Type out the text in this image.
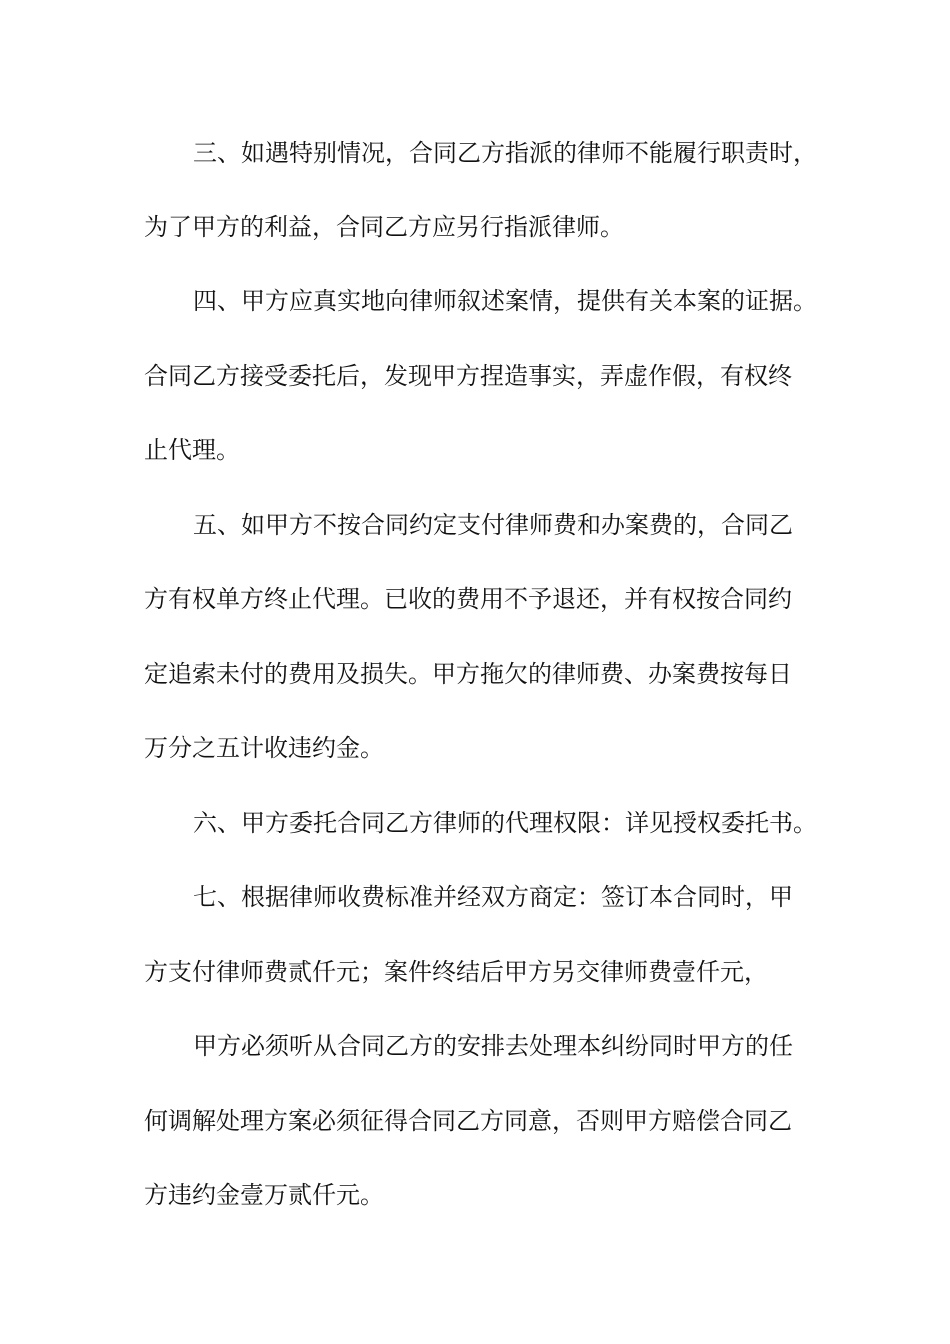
三、如遇特别情况，合同乙方指派的律师不能履行职责时，
为了甲方的利益，合同乙方应另行指派律师。
四、甲方应真实地向律师叙述案情，提供有关本案的证据。
合同乙方接受委托后，发现甲方捏造事实，弄虚作假，有权终
止代理。
五、如甲方不按合同约定支付律师费和办案费的，合同乙
方有权单方终止代理。已收的费用不予退还，并有权按合同约
定追索未付的费用及损失。甲方拖欠的律师费、办案费按每日
万分之五计收违约金。
六、甲方委托合同乙方律师的代理权限：详见授权委托书。
七、根据律师收费标准并经双方商定：签订本合同时，甲
方支付律师费贰仟元；案件终结后甲方另交律师费壹仟元，
甲方必须听从合同乙方的安排去处理本纠纷同时甲方的任
何调解处理方案必须征得合同乙方同意，否则甲方赔偿合同乙
方违约金壹万贰仟元。
